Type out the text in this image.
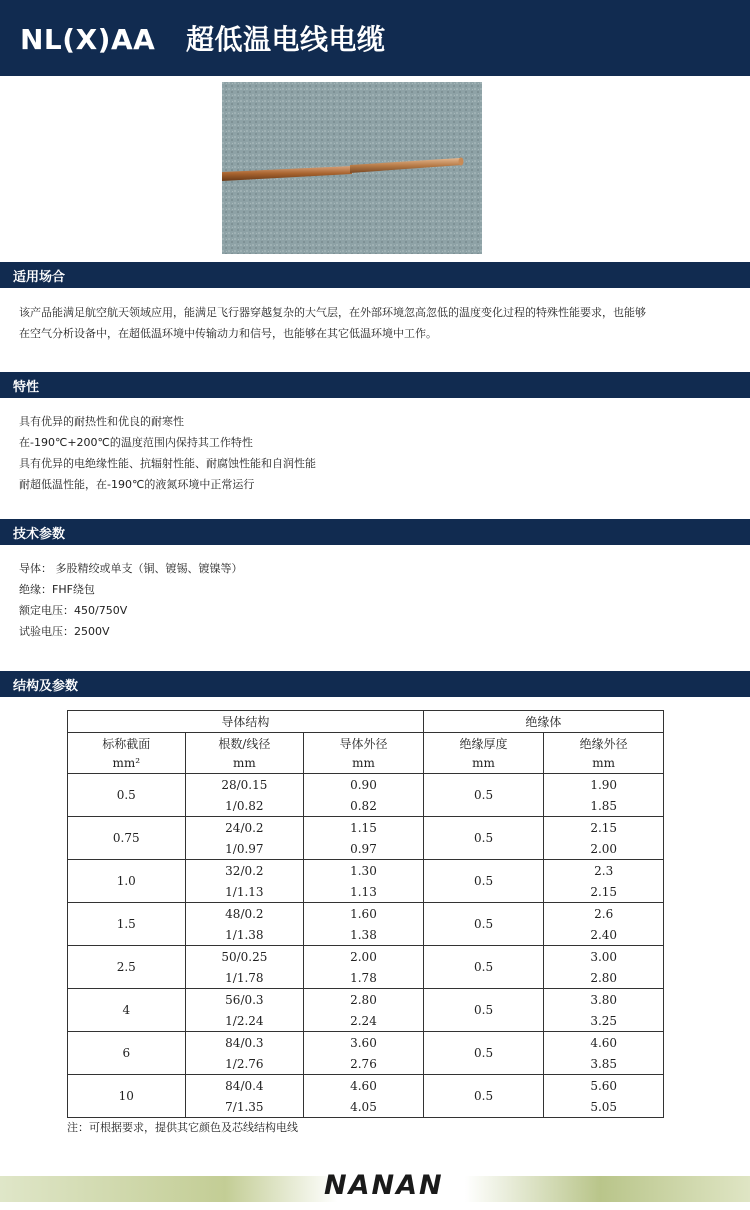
NL(X)AA   超低温电线电缆
适用场合
该产品能满足航空航天领域应用，能满足飞行器穿越复杂的大气层，在外部环境忽高忽低的温度变化过程的特殊性能要求，也能够
在空气分析设备中，在超低温环境中传输动力和信号，也能够在其它低温环境中工作。
特性
具有优异的耐热性和优良的耐寒性
在-190℃+200℃的温度范围内保持其工作特性
具有优异的电绝缘性能、抗辐射性能、耐腐蚀性能和自润性能
耐超低温性能，在-190℃的液氮环境中正常运行
技术参数
导体： 多股精绞或单支（铜、镀锡、镀镍等）
绝缘：FHF绕包
额定电压：450/750V
试验电压：2500V
结构及参数
导体结构			绝缘体	
标称截面	根数/线径	导体外径	绝缘厚度	绝缘外径
mm²	mm	mm	mm	mm
0.5	28/0.15	0.90	0.5	1.90
	1/0.82	0.82		1.85
0.75	24/0.2	1.15	0.5	2.15
	1/0.97	0.97		2.00
1.0	32/0.2	1.30	0.5	2.3
	1/1.13	1.13		2.15
1.5	48/0.2	1.60	0.5	2.6
	1/1.38	1.38		2.40
2.5	50/0.25	2.00	0.5	3.00
	1/1.78	1.78		2.80
4	56/0.3	2.80	0.5	3.80
	1/2.24	2.24		3.25
6	84/0.3	3.60	0.5	4.60
	1/2.76	2.76		3.85
10	84/0.4	4.60	0.5	5.60
	7/1.35	4.05		5.05
注：可根据要求，提供其它颜色及芯线结构电线
NANAN
